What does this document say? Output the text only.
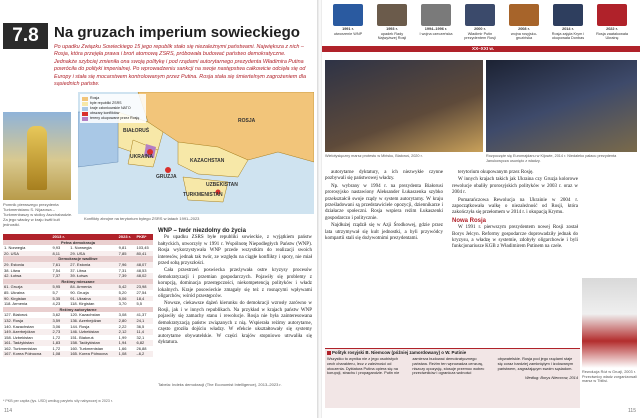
7.8	Na gruzach imperium sowieckiego
Po upadku Związku Sowieckiego 15 jego republik stało się niezależnymi państwami. Największa z nich – Rosja, która przejęła prawa i broń atomową ZSRS, próbowała budować państwo demokratyczne. Jednakże szybciej zmieniła ona swoją politykę i pod rządami autorytarnego prezydenta Władimira Putina powróciła do polityki imperialnej. Po wprowadzeniu sankcji na swoje następstwa całkowicie odcięła się od Europy i stała się mocarstwem kontrolowanym przez Putina. Rosja stała się śmiertelnym zagrożeniem dla sąsiednich państw.
Pomnik pierwszego prezydenta Turkmenistanu S. Nijazowa – Turkmenbaszy w stolicy Aszchabadzie. Za jego władzy w kraju kwitł kult jednostki.
ROSJA
UKRAINA
BIAŁORUŚ
KAZACHSTAN
TURKMENISTAN
UZBEKISTAN
GRUZJA
Rosja
byłe republiki ZSRS
kraje członkowskie NATO
obszary konfliktów
tereny okupowane przez Rosję
Konflikty zbrojne na terytorium byłego ZSRS w latach 1991–2023
	2013 r.		2023 r.	PKB*
Pełna demokracja				
1. Norwegia	9,93	1. Norwegia	9,81	103,45
20. USA	8,11	29. USA	7,85	80,41
Demokracje wadliwe				
29. Estonia	7,61	27. Estonia	7,96	48,07
38. Litwa	7,54	37. Litwa	7,31	48,53
42. Łotwa	7,37	39. Łotwa	7,39	48,02
Reżimy mieszane				
61. Gruzja	5,95	84. Armenia	5,42	23,98
85. Ukraina	5,7	90. Gruzja	5,20	27,54
90. Kirgistan	5,35	91. Ukraina	5,06	18,4
118. Armenia	4,23	118. Kirgistan	3,70	5,5
Reżimy autorytarne				
127. Białoruś	3,62	120. Kazachstan	3,08	41,37
132. Rosja	3,59	136. Azerbejdżan	2,80	24,1
140. Kazachstan	3,06	144. Rosja	2,22	36,5
149. Azerbejdżan	2,73	146. Uzbekistan	2,12	11,4
158. Uzbekistan	1,72	151. Białoruś	1,99	32,1
161. Tadżykistan	1,83	158. Tadżykistan	1,94	6,82
162. Turkmenistan	1,72	160. Turkmenistan	1,66	26,88
167. Korea Północna	1,08	165. Korea Północna	1,08	–6,2
* PKB per capita (tys. USD) według parytetu siły nabywczej w 2023 r.
WNP – twór niezdolny do życia

Po upadku ZSRS byłe republiki sowieckie, z wyjątkiem państw bałtyckich, utworzyły w 1991 r. Wspólnotę Niepodległych Państw (WNP). Rosja wykorzystywała WNP przede wszystkim do realizacji swoich interesów, jednak tak twór, ze względu na ciągłe konflikty i spory, nie miał przed sobą przyszłości.

Cała przestrzeń poswiecka przeżywała ostre kryzysy procesów demokratyzacji i przemian gospodarczych. Pojawiły się problemy z korupcją, dominacja przestępczości, niekompetencją polityków i władz lokalnych. Kraje posowieckie zmagały się też z rosnącymi wpływami oligarchów, wśród przestępców.

Nowsze, ciekawsze dążeń kierunku do demokracji wzrosły zarówno w Rosji, jak i w innych republikach. Na przykład w krajach państw WNP pojawiły się zamachy stanu i rewolucje. Rosja nie była zainteresowana demokratyzacją państw związanych z nią. Wspierała reżimy autorytarne, często groziła dojściu władzy. W efekcie ukształtowały się systemy autorytarne obywatelskie. W części krajów stopniowo utrwaliła się dyktatura.

Tabela: Indeks demokracji (The Economist Intelligence), 2013–2023 r.
114
1991 r.
utworzenie WNP
1993 r.
upadek Rady Najwyższej Rosji
1994–1996 r.
I wojna czeczeńska
2000 r.
Władimir Putin prezydentem Rosji
2008 r.
wojna rosyjsko-gruzińska
2014 r.
Rosja zajęła Krym i okupowała Donbas
2022 r.
Rosja zaatakowała Ukrainę
XX–XXI w.
Wielotysięczny marsz protestu w Mińsku, Białoruś, 2020 r.	Rozpoczęte się Euromajdanu w Kijowie, 2014 r. Niedaleko pałacu prezydenta Janukowycza usunięto z władzy.

autorytarne dyktatury, a ich niezwykłe czynne pozbywali się państwowej władzy.

Np. wybrany w 1994 r. na prezydenta Białorusi prorosyjsko nastawiony Aleksander Łukaszenka szybko przekształcił swoje rządy w system autorytarny. W kraju prześladowani są przedstawiciele opozycji, dziennikarze i działacze społeczni. Rosja wspiera reżim Łukaszenki gospodarczo i politycznie.

Najdłużej rządził się w Azji Środkowej, gdzie przez lata utrzymywał się kult jednostki, a byli przywódcy kompartii stali się dożywotnimi prezydentami.

terytorium okupowanym przez Rosję.

W innych krajach takich jak Ukraina czy Gruzja kolorowe rewolucje obaliły prorosyjskich polityków w 2003 r. oraz w 2004 r.

Pomarańczowa Rewolucja na Ukrainie w 2004 r. zapoczątkowała walkę o niezależność od Rosji, która zakończyła się przełomem w 2014 r. i okupacją Krymu.

Nowa Rosja

W 1991 r. pierwszym prezydentem nowej Rosji został Borys Jelcyn. Reformy gospodarcze doprowadziły jednak do kryzysu, a władzę w systemie, zdobyły oligarchowie i byli funkcjonariusze KGB z Władimirem Putinem na czele.

Rewolucja Róż w Gruzji, 2003 r. Przeciwnicy władz zorganizowali marsz w Tbilisi.
Polityk rosyjski B. Niemcow (później zamordowany) o W. Putinie
Wszystko to wynika nie z jego osobistych cech charakteru, lecz z zależności od otoczenia. Dyktatura Putina opiera się na korupcji, strachu i propagandzie. Putin nie zamierza budować demokratycznego państwa. Reżim ten wprowadza cenzurę, niszczy opozycję, stosuje przemoc wobec przeciwników i ogranicza wolności obywatelskie. Rosja pod jego rządami staje się coraz bardziej zamkniętym i izolowanym państwem, zagrażającym swoim sąsiadom.
Według: Borys Niemcow, 2014
115
